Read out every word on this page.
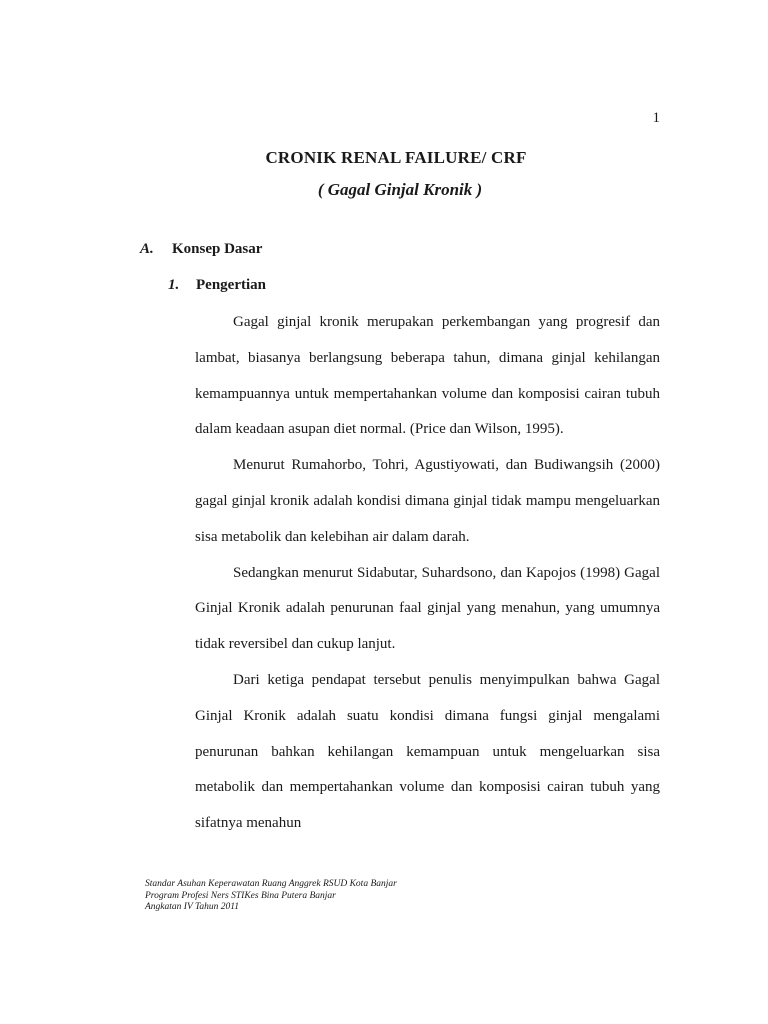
1
CRONIK RENAL FAILURE/ CRF
( Gagal Ginjal Kronik )
A.	Konsep Dasar
1.	Pengertian

Gagal ginjal kronik merupakan perkembangan yang progresif dan lambat, biasanya berlangsung beberapa tahun, dimana ginjal kehilangan kemampuannya untuk mempertahankan volume dan komposisi cairan tubuh dalam keadaan asupan diet normal. (Price dan Wilson, 1995).

Menurut Rumahorbo, Tohri, Agustiyowati, dan Budiwangsih (2000) gagal ginjal kronik adalah kondisi dimana ginjal tidak mampu mengeluarkan sisa metabolik dan kelebihan air dalam darah.

Sedangkan menurut Sidabutar, Suhardsono, dan Kapojos (1998) Gagal Ginjal Kronik adalah penurunan faal ginjal yang menahun, yang umumnya tidak reversibel dan cukup lanjut.

Dari ketiga pendapat tersebut penulis menyimpulkan bahwa Gagal Ginjal Kronik adalah suatu kondisi dimana fungsi ginjal mengalami penurunan bahkan kehilangan kemampuan untuk mengeluarkan sisa metabolik dan mempertahankan volume dan komposisi cairan tubuh yang sifatnya menahun

Standar Asuhan Keperawatan Ruang Anggrek RSUD Kota Banjar
Program Profesi Ners STIKes Bina Putera Banjar
Angkatan IV Tahun 2011
